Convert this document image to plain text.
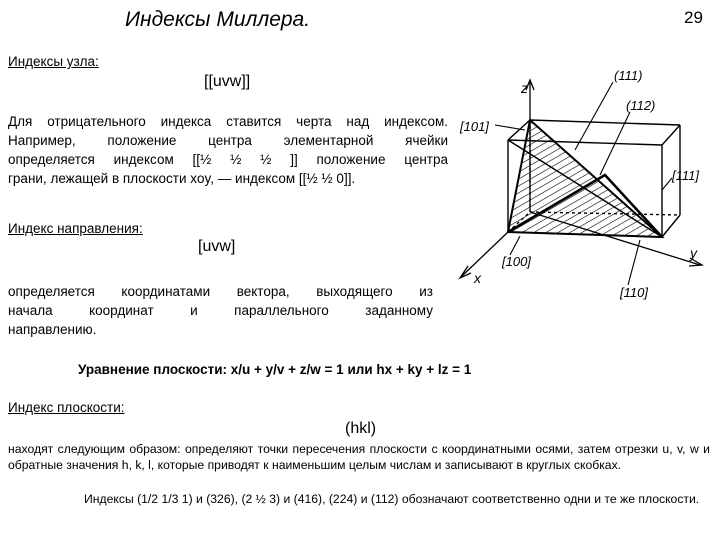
Индексы Миллера.	29
Индексы узла:
[[uvw]]
Для отрицательного индекса ставится черта над индексом.
Например, положение центра элементарной ячейки
определяется индексом [[½ ½ ½ ]] положение центра
грани, лежащей в плоскости xoy, — индексом [[½ ½ 0]].
Индекс направления:
[uvw]
определяется координатами вектора, выходящего из
начала координат и параллельного заданному
направлению.
Уравнение плоскости: x/u + y/v + z/w = 1 или hx + ky + lz = 1
Индекс плоскости:
(hkl)
находят следующим образом: определяют точки пересечения плоскости с координатными осями, затем отрезки u, v, w и обратные значения h, k, l, которые приводят к наименьшим целым числам и записывают в круглых скобках.
Индексы (1/2 1/3 1) и (326), (2 ½ 3) и (416), (224) и (112) обозначают соответственно одни и те же плоскости.
z
y
x
(111)
(112)
[101]
[111]
[100]
[110]
